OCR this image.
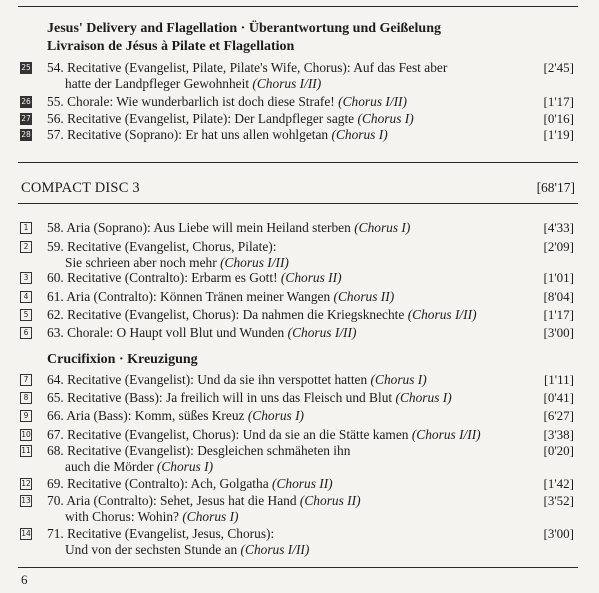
Jesus' Delivery and Flagellation · Überantwortung und Geißelung
Livraison de Jésus à Pilate et Flagellation
25 54. Recitative (Evangelist, Pilate, Pilate's Wife, Chorus): Auf das Fest aber
hatte der Landpfleger Gewohnheit (Chorus I/II)
[2'45]
26 55. Chorale: Wie wunderbarlich ist doch diese Strafe! (Chorus I/II)	[1'17]
27 56. Recitative (Evangelist, Pilate): Der Landpfleger sagte (Chorus I)	[0'16]
28 57. Recitative (Soprano): Er hat uns allen wohlgetan (Chorus I)	[1'19]
COMPACT DISC 3	[68'17]
1 58. Aria (Soprano): Aus Liebe will mein Heiland sterben (Chorus I)	[4'33]
2 59. Recitative (Evangelist, Chorus, Pilate):
Sie schrieen aber noch mehr (Chorus I/II)
[2'09]
3 60. Recitative (Contralto): Erbarm es Gott! (Chorus II)	[1'01]
4 61. Aria (Contralto): Können Tränen meiner Wangen (Chorus II)	[8'04]
5 62. Recitative (Evangelist, Chorus): Da nahmen die Kriegsknechte (Chorus I/II)	[1'17]
6 63. Chorale: O Haupt voll Blut und Wunden (Chorus I/II)	[3'00]
Crucifixion · Kreuzigung
7 64. Recitative (Evangelist): Und da sie ihn verspottet hatten (Chorus I)	[1'11]
8 65. Recitative (Bass): Ja freilich will in uns das Fleisch und Blut (Chorus I)	[0'41]
9 66. Aria (Bass): Komm, süßes Kreuz (Chorus I)	[6'27]
10 67. Recitative (Evangelist, Chorus): Und da sie an die Stätte kamen (Chorus I/II)	[3'38]
11 68. Recitative (Evangelist): Desgleichen schmäheten ihn
auch die Mörder (Chorus I)
[0'20]
12 69. Recitative (Contralto): Ach, Golgatha (Chorus II)	[1'42]
13 70. Aria (Contralto): Sehet, Jesus hat die Hand (Chorus II)
with Chorus: Wohin? (Chorus I)
[3'52]
14 71. Recitative (Evangelist, Jesus, Chorus):
Und von der sechsten Stunde an (Chorus I/II)
[3'00]
6
